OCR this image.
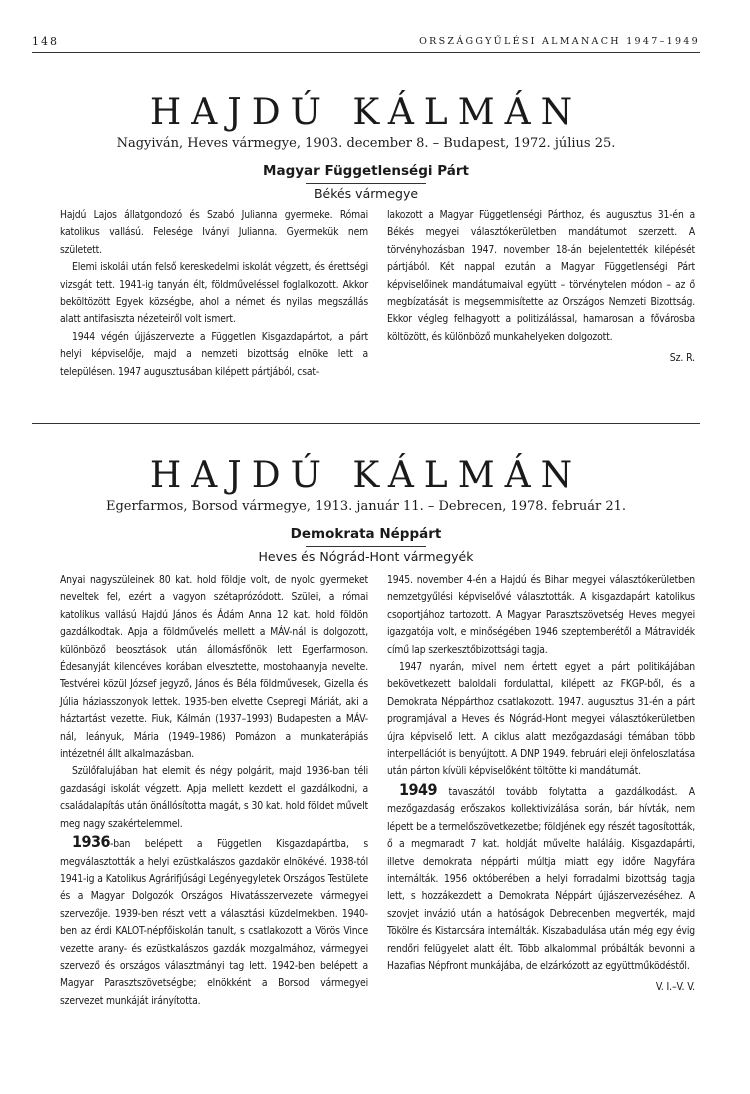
148	ORSZÁGGYŰLÉSI ALMANACH 1947–1949
HAJDÚ KÁLMÁN
Nagyiván, Heves vármegye, 1903. december 8. – Budapest, 1972. július 25.
Magyar Függetlenségi Párt
Békés vármegye

Hajdú Lajos állatgondozó és Szabó Julianna gyermeke. Római katolikus vallású. Felesége Iványi Julianna. Gyermekük nem született.

Elemi iskolái után felső kereskedelmi iskolát végzett, és érettségi vizsgát tett. 1941-ig tanyán élt, földműveléssel foglalkozott. Akkor beköltözött Egyek községbe, ahol a német és nyilas megszállás alatt antifasiszta nézeteiről volt ismert.

1944 végén újjászervezte a Független Kisgazdapártot, a párt helyi képviselője, majd a nemzeti bizottság elnöke lett a településen. 1947 augusztusában kilépett pártjából, csat-

lakozott a Magyar Függetlenségi Párthoz, és augusztus 31-én a Békés megyei választókerületben mandátumot szerzett. A törvényhozásban 1947. november 18-án bejelentették kilépését pártjából. Két nappal ezután a Magyar Függetlenségi Párt képviselőinek mandátumaival együtt – törvénytelen módon – az ő megbízatását is megsemmisítette az Országos Nemzeti Bizottság. Ekkor végleg felhagyott a politizálással, hamarosan a fővárosba költözött, és különböző munkahelyeken dolgozott.

Sz. R.
HAJDÚ KÁLMÁN
Egerfarmos, Borsod vármegye, 1913. január 11. – Debrecen, 1978. február 21.
Demokrata Néppárt
Heves és Nógrád-Hont vármegyék

Anyai nagyszüleinek 80 kat. hold földje volt, de nyolc gyermeket neveltek fel, ezért a vagyon szétaprózódott. Szülei, a római katolikus vallású Hajdú János és Ádám Anna 12 kat. hold földön gazdálkodtak. Apja a földművelés mellett a MÁV-nál is dolgozott, különböző beosztások után állomásfőnök lett Egerfarmoson. Édesanyját kilencéves korában elvesztette, mostohaanyja nevelte. Testvérei közül József jegyző, János és Béla földművesek, Gizella és Júlia háziasszonyok lettek. 1935-ben elvette Csepregi Máriát, aki a háztartást vezette. Fiuk, Kálmán (1937–1993) Budapesten a MÁV-nál, leányuk, Mária (1949–1986) Pomázon a munkaterápiás intézetnél állt alkalmazásban.

Szülőfalujában hat elemit és négy polgárit, majd 1936-ban téli gazdasági iskolát végzett. Apja mellett kezdett el gazdálkodni, a családalapítás után önállósította magát, s 30 kat. hold földet művelt meg nagy szakértelemmel.

1936-ban belépett a Független Kisgazdapártba, s megválasztották a helyi ezüstkalászos gazdakör elnökévé. 1938-tól 1941-ig a Katolikus Agrárifjúsági Legényegyletek Országos Testülete és a Magyar Dolgozók Országos Hivatásszervezete vármegyei szervezője. 1939-ben részt vett a választási küzdelmekben. 1940-ben az érdi KALOT-népfőiskolán tanult, s csatlakozott a Vörös Vince vezette arany- és ezüstkalászos gazdák mozgalmához, vármegyei szervező és országos választmányi tag lett. 1942-ben belépett a Magyar Parasztszövetségbe; elnökként a Borsod vármegyei szervezet munkáját irányította.

1945. november 4-én a Hajdú és Bihar megyei választókerületben nemzetgyűlési képviselővé választották. A kisgazdapárt katolikus csoportjához tartozott. A Magyar Parasztszövetség Heves megyei igazgatója volt, e minőségében 1946 szeptemberétől a Mátravidék című lap szerkesztőbizottsági tagja.

1947 nyarán, mivel nem értett egyet a párt politikájában bekövetkezett baloldali fordulattal, kilépett az FKGP-ből, és a Demokrata Néppárthoz csatlakozott. 1947. augusztus 31-én a párt programjával a Heves és Nógrád-Hont megyei választókerületben újra képviselő lett. A ciklus alatt mezőgazdasági témában több interpellációt is benyújtott. A DNP 1949. februári eleji önfeloszlatása után párton kívüli képviselőként töltötte ki mandátumát.

1949 tavaszától tovább folytatta a gazdálkodást. A mezőgazdaság erőszakos kollektivizálása során, bár hívták, nem lépett be a termelőszövetkezetbe; földjének egy részét tagosították, ő a megmaradt 7 kat. holdját művelte haláláig. Kisgazdapárti, illetve demokrata néppárti múltja miatt egy időre Nagyfára internálták. 1956 októberében a helyi forradalmi bizottság tagja lett, s hozzákezdett a Demokrata Néppárt újjászervezéséhez. A szovjet invázió után a hatóságok Debrecenben megverték, majd Tökölre és Kistarcsára internálták. Kiszabadulása után még egy évig rendőri felügyelet alatt élt. Több alkalommal próbálták bevonni a Hazafias Népfront munkájába, de elzárkózott az együttműködéstől.

V. I.–V. V.
